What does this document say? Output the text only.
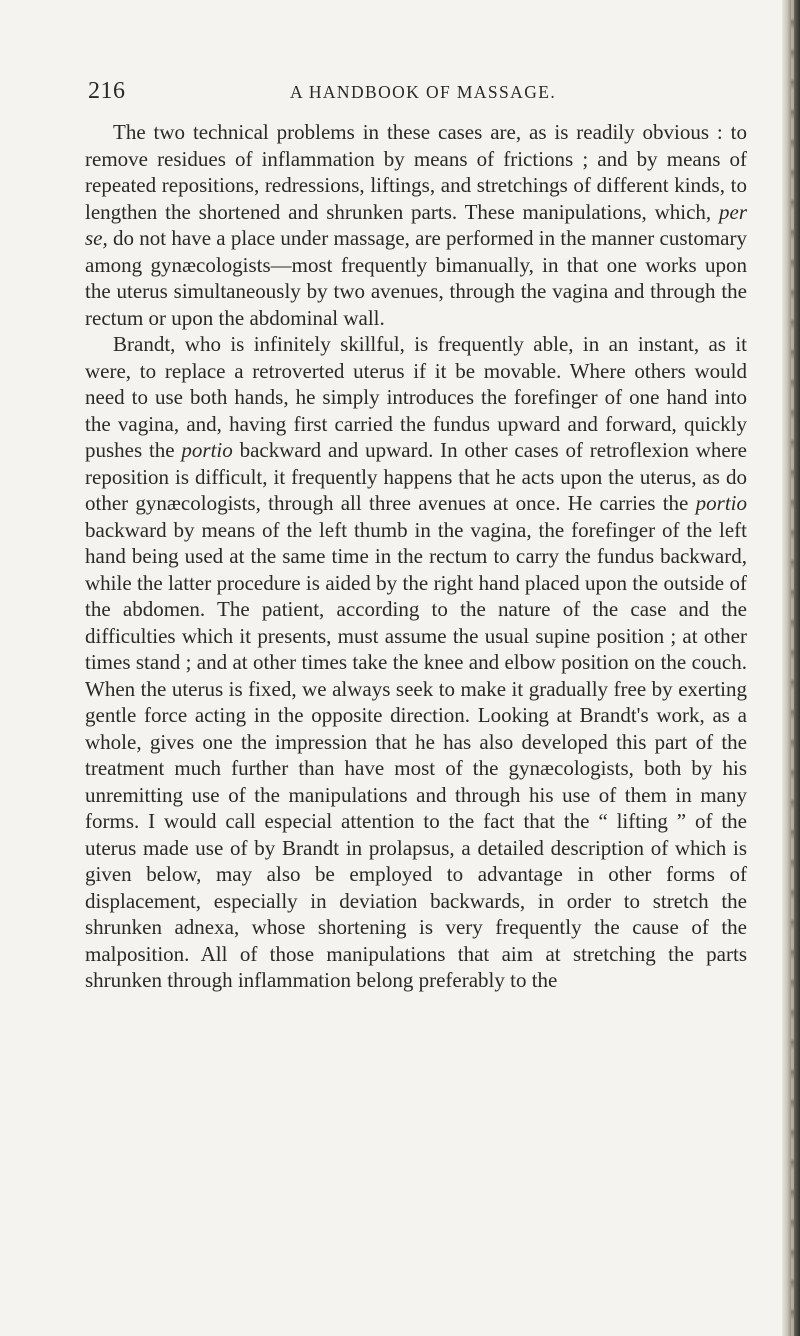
216	A HANDBOOK OF MASSAGE.

The two technical problems in these cases are, as is readily obvious : to remove residues of inflammation by means of frictions ; and by means of repeated repositions, redressions, liftings, and stretchings of different kinds, to lengthen the shortened and shrunken parts. These manipulations, which, per se, do not have a place under massage, are performed in the manner customary among gynæcologists—most frequently bimanually, in that one works upon the uterus simultaneously by two avenues, through the vagina and through the rectum or upon the abdominal wall.

Brandt, who is infinitely skillful, is frequently able, in an instant, as it were, to replace a retroverted uterus if it be movable. Where others would need to use both hands, he simply introduces the forefinger of one hand into the vagina, and, having first carried the fundus upward and forward, quickly pushes the portio backward and upward. In other cases of retroflexion where reposition is difficult, it frequently happens that he acts upon the uterus, as do other gynæcologists, through all three avenues at once. He carries the portio backward by means of the left thumb in the vagina, the forefinger of the left hand being used at the same time in the rectum to carry the fundus backward, while the latter procedure is aided by the right hand placed upon the outside of the abdomen. The patient, according to the nature of the case and the difficulties which it presents, must assume the usual supine position ; at other times stand ; and at other times take the knee and elbow position on the couch. When the uterus is fixed, we always seek to make it gradually free by exerting gentle force acting in the opposite direction. Looking at Brandt's work, as a whole, gives one the impression that he has also developed this part of the treatment much further than have most of the gynæcologists, both by his unremitting use of the manipulations and through his use of them in many forms. I would call especial attention to the fact that the “ lifting ” of the uterus made use of by Brandt in prolapsus, a detailed description of which is given below, may also be employed to advantage in other forms of displacement, especially in deviation backwards, in order to stretch the shrunken adnexa, whose shortening is very frequently the cause of the malposition. All of those manipulations that aim at stretching the parts shrunken through inflammation belong preferably to the
